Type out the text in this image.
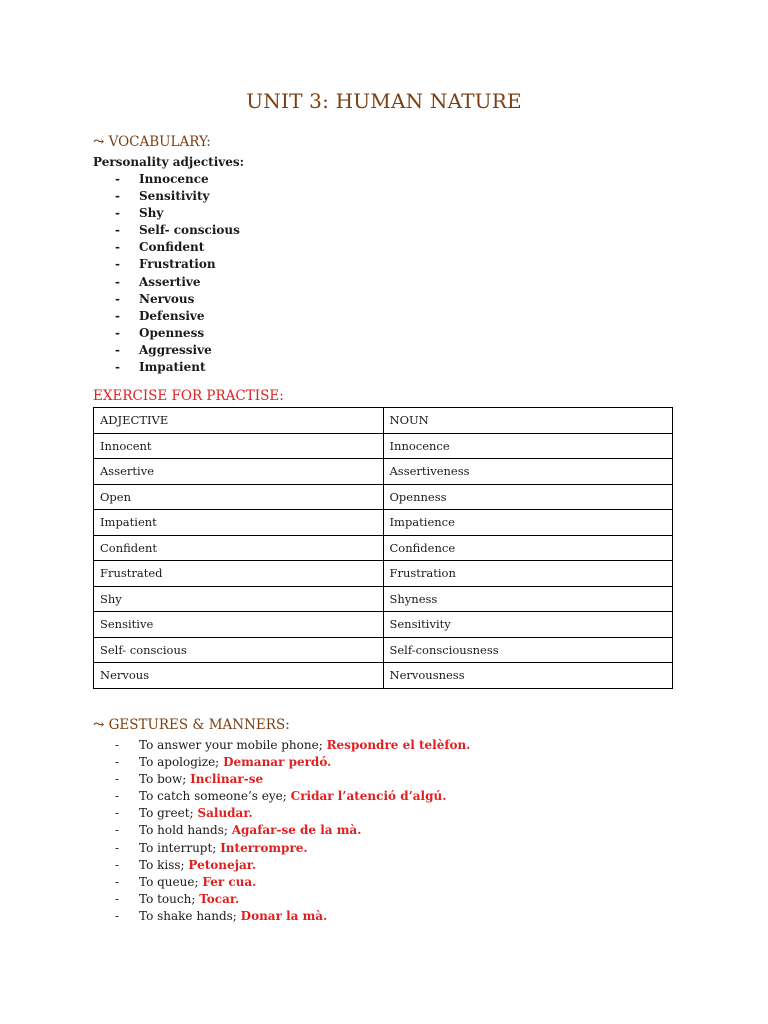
UNIT 3: HUMAN NATURE
⤳ VOCABULARY:
Personality adjectives:
- Innocence
- Sensitivity
- Shy
- Self- conscious
- Confident
- Frustration
- Assertive
- Nervous
- Defensive
- Openness
- Aggressive
- Impatient
EXERCISE FOR PRACTISE:
ADJECTIVE	NOUN
Innocent	Innocence
Assertive	Assertiveness
Open	Openness
Impatient	Impatience
Confident	Confidence
Frustrated	Frustration
Shy	Shyness
Sensitive	Sensitivity
Self- conscious	Self-consciousness
Nervous	Nervousness
⤳ GESTURES & MANNERS:
- To answer your mobile phone; Respondre el telèfon.
- To apologize; Demanar perdó.
- To bow; Inclinar-se
- To catch someone’s eye; Cridar l’atenció d’algú.
- To greet; Saludar.
- To hold hands; Agafar-se de la mà.
- To interrupt; Interrompre.
- To kiss; Petonejar.
- To queue; Fer cua.
- To touch; Tocar.
- To shake hands; Donar la mà.
